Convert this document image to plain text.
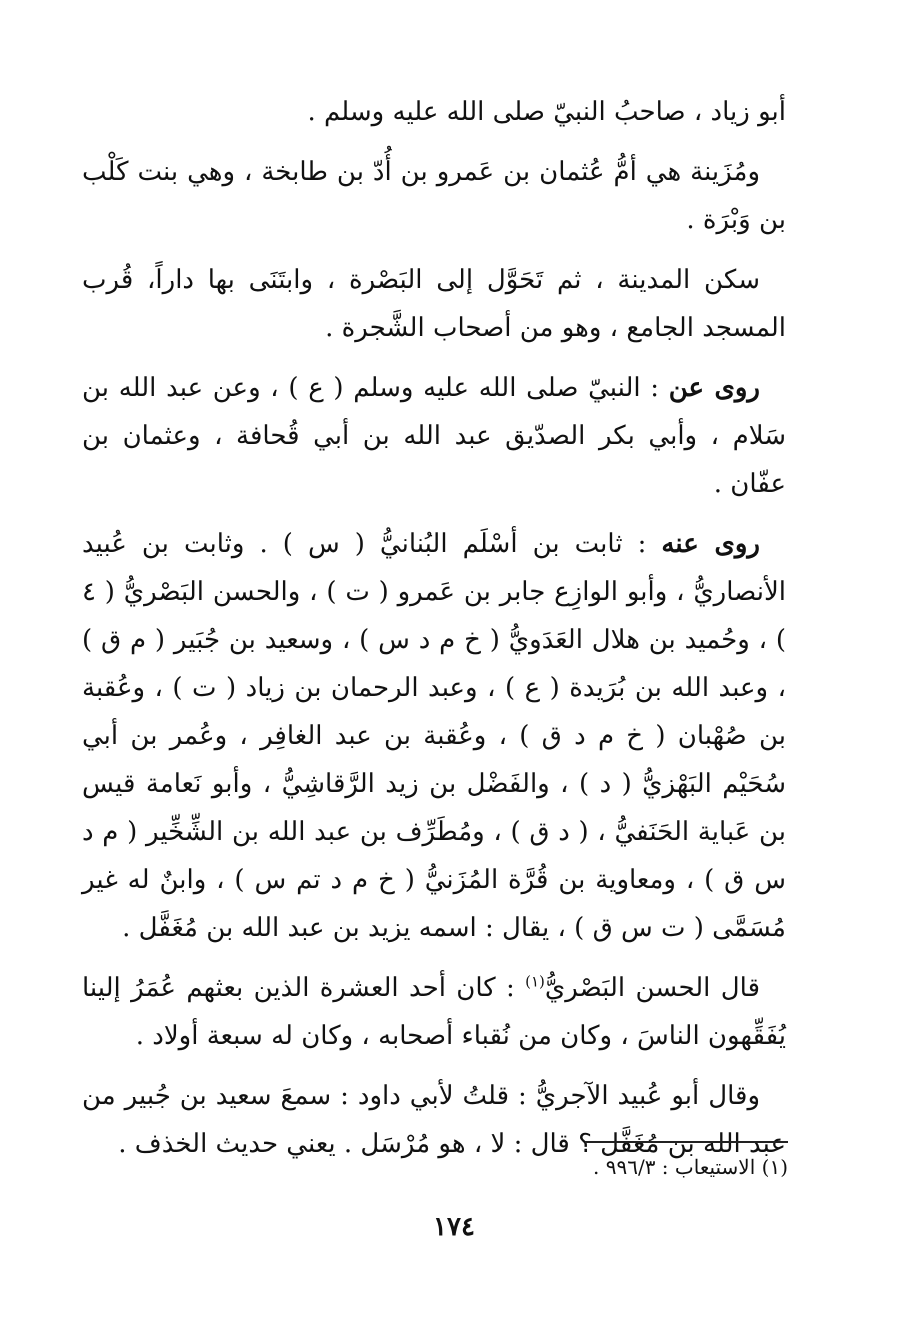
أبو زياد ، صاحبُ النبيّ صلى الله عليه وسلم .

ومُزَينة هي أمُّ عُثمان بن عَمرو بن أُدّ بن طابخة ، وهي بنت كَلْب بن وَبْرَة .

سكن المدينة ، ثم تَحَوَّل إلى البَصْرة ، وابتَنَى بها داراً، قُرب المسجد الجامع ، وهو من أصحاب الشَّجرة .

روى عن : النبيّ صلى الله عليه وسلم ( ع ) ، وعن عبد الله بن سَلام ، وأبي بكر الصدّيق عبد الله بن أبي قُحافة ، وعثمان بن عفّان .

روى عنه : ثابت بن أسْلَم البُنانيُّ ( س ) . وثابت بن عُبيد الأنصاريُّ ، وأبو الوازِع جابر بن عَمرو ( ت ) ، والحسن البَصْريُّ ( ٤ ) ، وحُميد بن هلال العَدَويُّ ( خ م د س ) ، وسعيد بن جُبَير ( م ق ) ، وعبد الله بن بُرَيدة ( ع ) ، وعبد الرحمان بن زياد ( ت ) ، وعُقبة بن صُهْبان ( خ م د ق ) ، وعُقبة بن عبد الغافِر ، وعُمر بن أبي سُحَيْم البَهْزيُّ ( د ) ، والفَضْل بن زيد الرَّقاشِيُّ ، وأبو نَعامة قيس بن عَباية الحَنَفيُّ ، ( د ق ) ، ومُطَرِّف بن عبد الله بن الشِّخِّير ( م د س ق ) ، ومعاوية بن قُرَّة المُزَنيُّ ( خ م د تم س ) ، وابنٌ له غير مُسَمَّى ( ت س ق ) ، يقال : اسمه يزيد بن عبد الله بن مُغَفَّل .

قال الحسن البَصْريُّ$^{(١)}$ : كان أحد العشرة الذين بعثهم عُمَرُ إلينا يُفَقِّهون الناسَ ، وكان من نُقباء أصحابه ، وكان له سبعة أولاد .

وقال أبو عُبيد الآجريُّ : قلتُ لأبي داود : سمعَ سعيد بن جُبير من عبد الله بن مُغَفَّل ؟ قال : لا ، هو مُرْسَل . يعني حديث الخذف .

(١) الاستيعاب : ٩٩٦/٣ .

١٧٤
